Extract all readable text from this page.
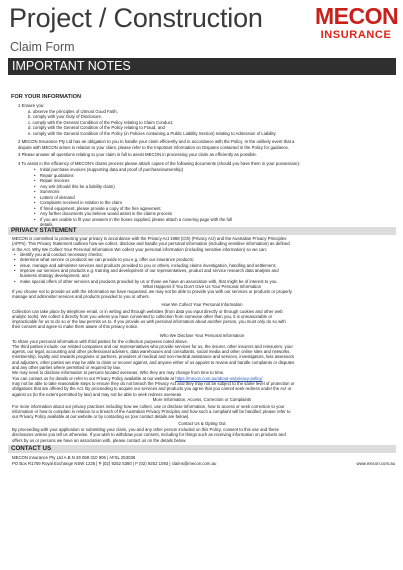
Project / Construction
Claim Form
MECON
INSURANCE
IMPORTANT NOTES
FOR YOUR INFORMATION
1 Ensure you:
a. observe the principles of Utmost Good Faith,
b. comply with your Duty of Disclosure,
c. comply with the General Condition of the Policy relating to Claim Conduct,
d. comply with the General Condition of the Policy relating to Fraud, and
e. comply with the General Condition of the Policy (in Policies containing a Public Liability Section) relating to Admission of Liability.
2 MECON Insurance Pty Ltd has an obligation to you to handle your claim efficiently and in accordance with the Policy. In the unlikely event that a
dispute with MECON arises in relation to your claim, please refer to the Important Information on Disputes contained in the Policy for guidance.
3 Please answer all questions relating to your claim in full to assist MECON in processing your claim as efficiently as possible.
4 To assist in the efficiency of MECON's claims process please attach copies of the following documents (should you have them in your possession):
• Initial purchase invoices (supporting data and proof of purchase/ownership)
• Repair quotations
• Repair invoices
• Any writ (should this be a liability claim)
• Summons
• Letters of demand
• Complaints received in relation to the claim
• If hired equipment, please provide a copy of the hire agreement
• Any further documents you believe would assist in the claims process
• If you are unable to fit your answers in the boxes supplied, please attach a covering page with the full
details.
PRIVACY STATEMENT
MECON is committed to protecting your privacy in accordance with the Privacy Act 1988 (Cth) (Privacy Act) and the Australian Privacy Principles
(APPs). This Privacy Statement outlines how we collect, disclose and handle your personal information (including sensitive information) as defined
in the Act. Why We Collect Your Personal Information We collect your personal information (including sensitive information) so we can:
• identify you and conduct necessary checks;
• determine what service or products we can provide to you e.g. offer our insurance products;
• issue, manage and administer services and products provided to you or others, including claims investigation, handling and settlement;
• improve our services and products e.g. training and development of our representatives, product and service research data analysis and
business strategy development, and
• make special offers of other services and products provided by us or those we have an association with, that might be of interest to you.
What Happens if You Don't Give Us Your Personal Information
If you choose not to provide us with the information we have requested, we may not be able to provide you with our services or products or properly
manage and administer services and products provided to you or others.
How We Collect Your Personal Information
Collection can take place by telephone email, or in writing and through websites (from data you input directly or through cookies and other web
analytic tools). We collect it directly from you unless you have consented to collection from someone other than you, it is unreasonable or
impracticable for us to do so or the law permits us to. If you provide us with personal information about another person, you must only do so with
their consent and agree to make them aware of this privacy notice.
Who We Disclose Your Personal Information
To share your personal information with third parties for the collection purposes noted above.
The third parties include: our related companies and our representatives who provide services for us, the insurer, other insurers and reinsurers, your
agents, our legal, accounting and other professional advisers, data warehouses and consultants, social media and other online sites and networks,
membership, loyalty and rewards programs or partners, providers of medical and non-medical assistance and services, investigators, loss assessors
and adjusters, other parties we may be able to claim or recover against, and anyone either of us appoint to review and handle complaints or disputes
and any other parties where permitted or required by law.
We may need to disclose information to persons located overseas. Who they are may change from time to time.
You can contact us for details or refer to our Privacy Policy available at our website at https://mecon.com.au/about-us/privacy-policy/
may not be able to take reasonable steps to ensure they do not breach the Privacy Act and they may not be subject to the same level of protection or
obligations that are offered by the Act. By proceeding to acquire our services and products you agree that you cannot seek redress under the Act or
against us (to the extent permitted by law) and may not be able to seek redress overseas.
More Information, Access, Correction or Complaints
For more information about our privacy practices including how we collect, use or disclose information, how to access or seek correction to your
information or how to complain in relation to a breach of the Australian Privacy Principles and how such a complaint will be handled, please refer to
our Privacy Policy available at our website or by contacting us (our contact details are below).
Contact Us & Opting Out
By proceeding with your application or submitting your claim, you and any other person included on this Policy, consent to this use and these
disclosures unless you tell us otherwise. If you wish to withdraw your consent, including for things such as receiving information on products and
offers by us or persons we have an association with, please contact us on the details below.
CONTACT US
MECON Insurance Pty Ltd A.B.N 29 059 310 906 | AFSL 253036
PO Box R1769 Royal Exchange NSW 1225 | P (02) 9252 5360 | F (02) 9252 1093 | claims@mecon.com.au	www.mecon.com.au
